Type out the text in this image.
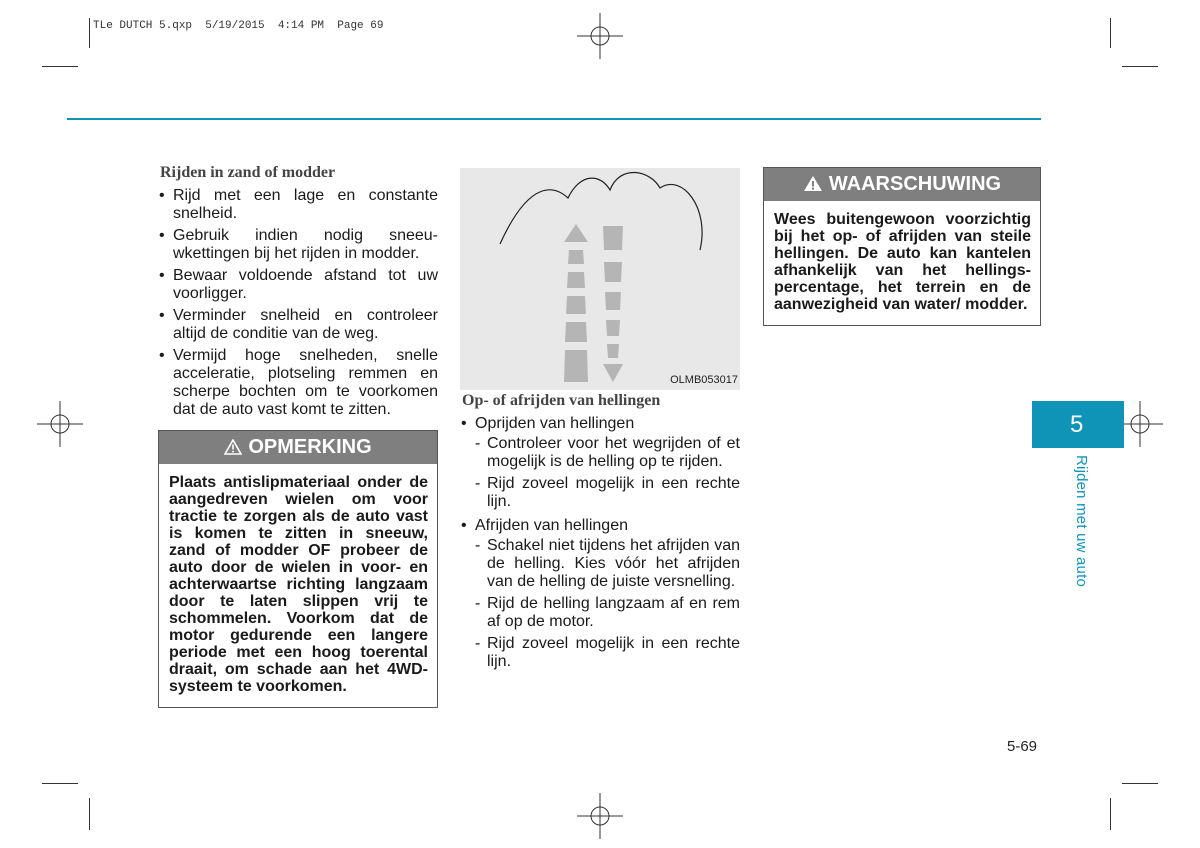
TLe DUTCH 5.qxp  5/19/2015  4:14 PM  Page 69
Rijden in zand of modder
• Rijd met een lage en constante snelheid.
• Gebruik indien nodig sneeu-wkettingen bij het rijden in modder.
• Bewaar voldoende afstand tot uw voorligger.
• Verminder snelheid en controleer altijd de conditie van de weg.
• Vermijd hoge snelheden, snelle acceleratie, plotseling remmen en scherpe bochten om te voorkomen dat de auto vast komt te zitten.
OPMERKING
Plaats antislipmateriaal onder de aangedreven wielen om voor tractie te zorgen als de auto vast is komen te zitten in sneeuw, zand of modder OF probeer de auto door de wielen in voor- en achterwaartse richting langzaam door te laten slippen vrij te schommelen. Voorkom dat de motor gedurende een langere periode met een hoog toerental draait, om schade aan het 4WD-systeem te voorkomen.
OLMB053017
Op- of afrijden van hellingen
• Oprijden van hellingen
- Controleer voor het wegrijden of et mogelijk is de helling op te rijden.
- Rijd zoveel mogelijk in een rechte lijn.
• Afrijden van hellingen
- Schakel niet tijdens het afrijden van de helling. Kies vóór het afrijden van de helling de juiste versnelling.
- Rijd de helling langzaam af en rem af op de motor.
- Rijd zoveel mogelijk in een rechte lijn.
WAARSCHUWING
Wees buitengewoon voorzichtig bij het op- of afrijden van steile hellingen. De auto kan kantelen afhankelijk van het hellings-percentage, het terrein en de aanwezigheid van water/ modder.
5
Rijden met uw auto
5-69
